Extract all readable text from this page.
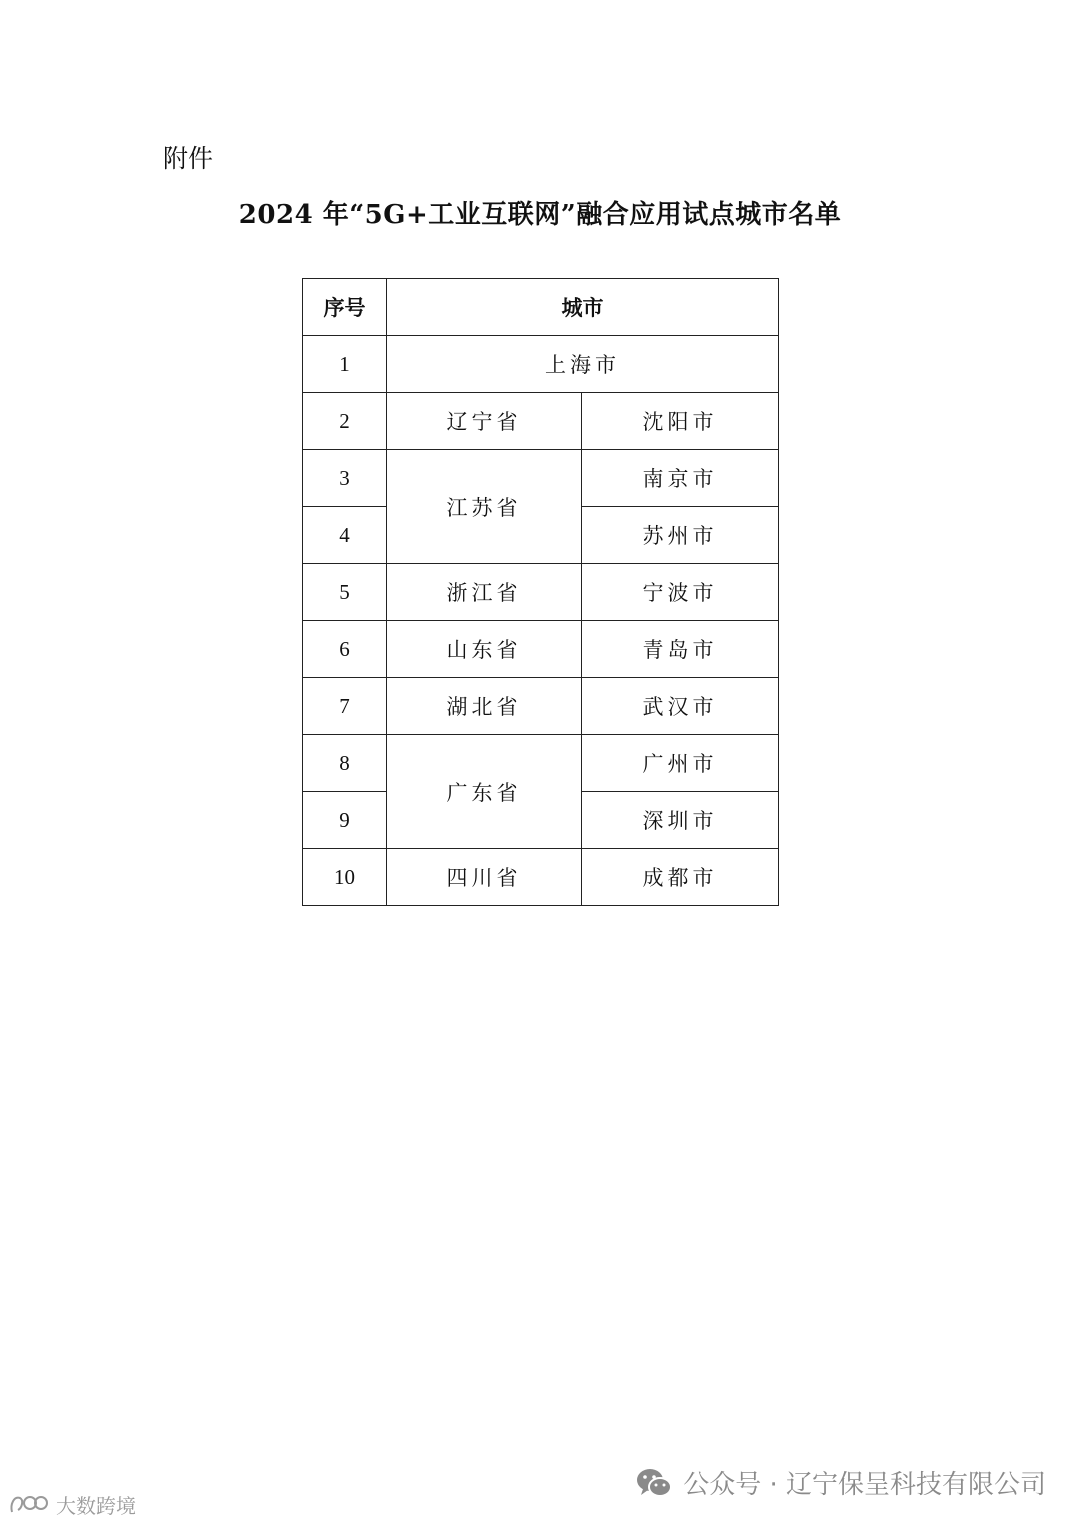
附件
2024 年“5G+工业互联网”融合应用试点城市名单
序号	城市	
1	上海市	
2	辽宁省	沈阳市
3	江苏省	南京市
4		苏州市
5	浙江省	宁波市
6	山东省	青岛市
7	湖北省	武汉市
8	广东省	广州市
9		深圳市
10	四川省	成都市
大数跨境
公众号 · 辽宁保呈科技有限公司
